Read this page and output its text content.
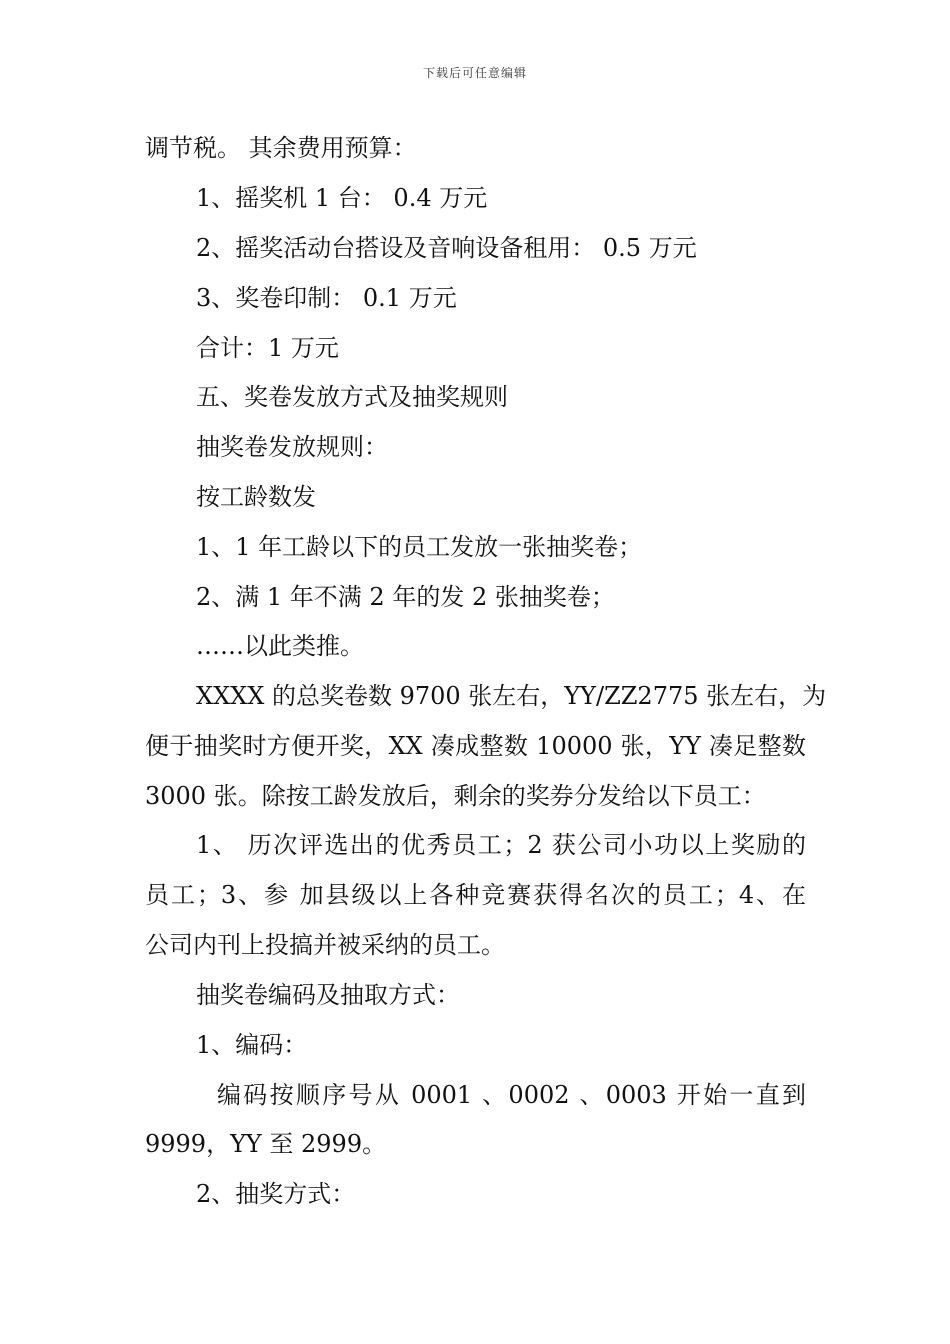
下载后可任意编辑
调节税。 其余费用预算：
1、摇奖机 1 台： 0.4 万元
2、摇奖活动台搭设及音响设备租用： 0.5 万元
3、奖卷印制： 0.1 万元
合计：1 万元
五、奖卷发放方式及抽奖规则
抽奖卷发放规则：
按工龄数发
1、1 年工龄以下的员工发放一张抽奖卷；
2、满 1 年不满 2 年的发 2 张抽奖卷；
……以此类推。
XXXX 的总奖卷数 9700 张左右，YY/ZZ2775 张左右，为
便于抽奖时方便开奖，XX 凑成整数 10000 张，YY 凑足整数
3000 张。除按工龄发放后，剩余的奖券分发给以下员工：
1、 历次评选出的优秀员工；2 获公司小功以上奖励的
员工；3、参 加县级以上各种竞赛获得名次的员工；4、在
公司内刊上投搞并被采纳的员工。
抽奖卷编码及抽取方式：
1、编码：
编码按顺序号从 0001 、0002 、0003 开始一直到
9999，YY 至 2999。
2、抽奖方式：
